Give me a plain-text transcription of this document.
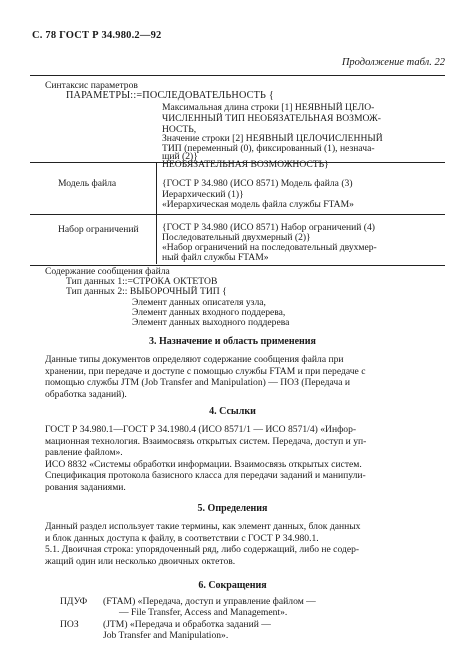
С. 78 ГОСТ Р 34.980.2—92
Продолжение табл. 22
Синтаксис параметров
ПАРАМЕТРЫ::=ПОСЛЕДОВАТЕЛЬНОСТЬ {
Максимальная длина строки [1] НЕЯВНЫЙ ЦЕЛО-
ЧИСЛЕННЫЙ ТИП НЕОБЯЗАТЕЛЬНАЯ ВОЗМОЖ-
НОСТЬ,
Значение строки [2] НЕЯВНЫЙ ЦЕЛОЧИСЛЕННЫЙ
ТИП (переменный (0), фиксированный (1), незнача-
щий (2)}
НЕОБЯЗАТЕЛЬНАЯ ВОЗМОЖНОСТЬ}
Модель файла	{ГОСТ Р 34.980 (ИСО 8571) Модель файла (3)
Иерархический (1)}
«Иерархическая модель файла службы FTAM»
Набор ограничений {ГОСТ Р 34.980 (ИСО 8571) Набор ограничений (4)
Последовательный двухмерный (2)}
«Набор ограничений на последовательный двухмер-
ный файл службы FTAM»
Содержание сообщения файла
Тип данных 1::=СТРОКА ОКТЕТОВ
Тип данных 2:: ВЫБОРОЧНЫЙ ТИП {
Элемент данных описателя узла,
Элемент данных входного поддерева,
Элемент данных выходного поддерева
3. Назначение и область применения
Данные типы документов определяют содержание сообщения файла при
хранении, при передаче и доступе с помощью службы FTAM и при передаче с
помощью службы JTM (Job Transfer and Manipulation) — ПОЗ (Передача и
обработка заданий).
4. Ссылки
ГОСТ Р 34.980.1—ГОСТ Р 34.1980.4 (ИСО 8571/1 — ИСО 8571/4) «Инфор-
мационная технология. Взаимосвязь открытых систем. Передача, доступ и уп-
равление файлом».
ИСО 8832 «Системы обработки информации. Взаимосвязь открытых систем.
Спецификация протокола базисного класса для передачи заданий и манипули-
рования заданиями.
5. Определения
Данный раздел использует такие термины, как элемент данных, блок данных
и блок данных доступа к файлу, в соответствии с ГОСТ Р 34.980.1.
5.1. Двоичная строка: упорядоченный ряд, либо содержащий, либо не содер-
жащий один или несколько двоичных октетов.
6. Сокращения
ПДУФ (FTAM) «Передача, доступ и управление файлом —
— File Transfer, Access and Management».
ПОЗ	(JTM) «Передача и обработка заданий —
Job Transfer and Manipulation».
